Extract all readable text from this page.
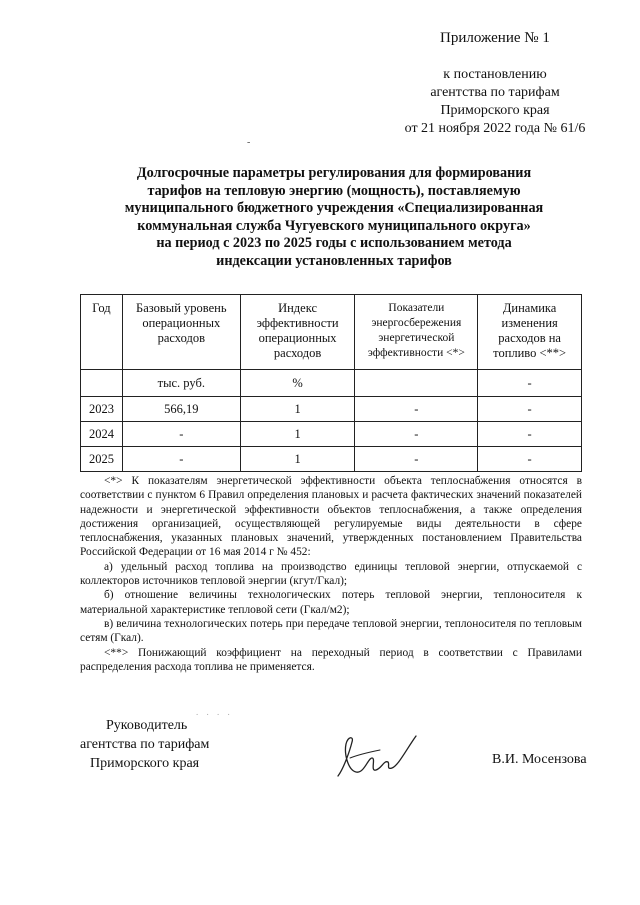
Приложение № 1
к постановлению
агентства по тарифам
Приморского края
от 21 ноября 2022 года № 61/6
-
Долгосрочные параметры регулирования для формирования
тарифов на тепловую энергию (мощность), поставляемую
муниципального бюджетного учреждения «Специализированная
коммунальная служба Чугуевского муниципального округа»
на период с 2023 по 2025 годы с использованием метода
индексации установленных тарифов
Год	Базовый уровень операционных расходов	Индекс эффективности операционных расходов	Показатели энергосбережения энергетической эффективности <*>	Динамика изменения расходов на топливо <**>
	тыс. руб.	%		-
2023	566,19	1	-	-
2024	-	1	-	-
2025	-	1	-	-

<*> К показателям энергетической эффективности объекта теплоснабжения относятся в соответствии с пунктом 6 Правил определения плановых и расчета фактических значений показателей надежности и энергетической эффективности объектов теплоснабжения, а также определения достижения организацией, осуществляющей регулируемые виды деятельности в сфере теплоснабжения, указанных плановых значений, утвержденных постановлением Правительства Российской Федерации от 16 мая 2014 г № 452:

а) удельный расход топлива на производство единицы тепловой энергии, отпускаемой с коллекторов источников тепловой энергии (кгут/Гкал);

б) отношение величины технологических потерь тепловой энергии, теплоносителя к материальной характеристике тепловой сети (Гкал/м2);

в) величина технологических потерь при передаче тепловой энергии, теплоносителя по тепловым сетям (Гкал).

<**> Понижающий коэффициент на переходный период в соответствии с Правилами распределения расхода топлива не применяется.

. . . .
Руководитель
агентства по тарифам
Приморского края	В.И. Мосензова
